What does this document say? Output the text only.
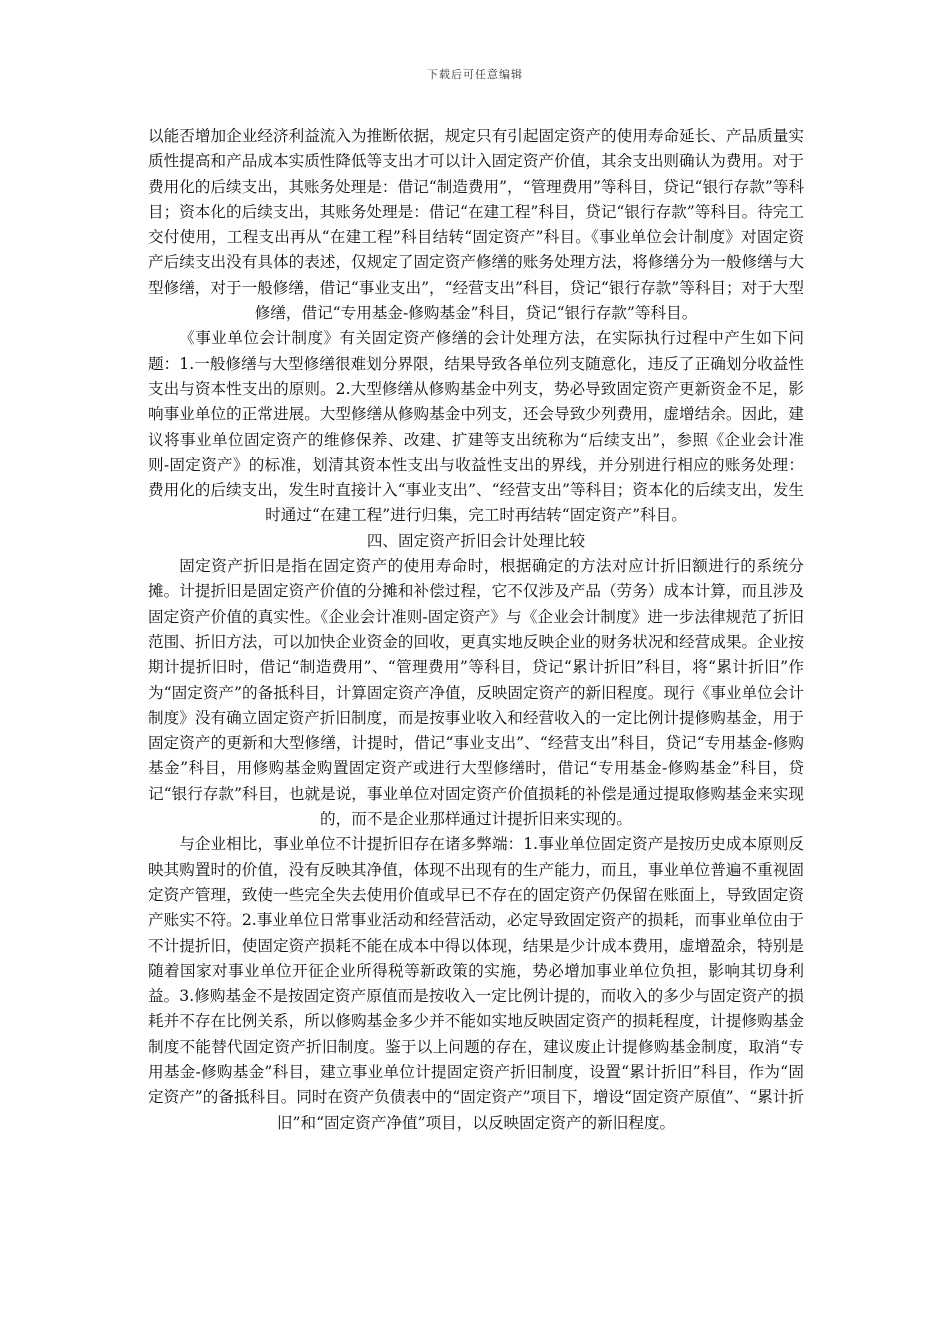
下载后可任意编辑

以能否增加企业经济利益流入为推断依据，规定只有引起固定资产的使用寿命延长、产品质量实质性提高和产品成本实质性降低等支出才可以计入固定资产价值，其余支出则确认为费用。对于费用化的后续支出，其账务处理是：借记“制造费用”，“管理费用”等科目，贷记“银行存款”等科目；资本化的后续支出，其账务处理是：借记“在建工程”科目，贷记“银行存款”等科目。待完工交付使用，工程支出再从“在建工程”科目结转“固定资产”科目。《事业单位会计制度》对固定资产后续支出没有具体的表述，仅规定了固定资产修缮的账务处理方法，将修缮分为一般修缮与大型修缮，对于一般修缮，借记“事业支出”，“经营支出”科目，贷记“银行存款”等科目；对于大型修缮，借记“专用基金-修购基金”科目，贷记“银行存款”等科目。

《事业单位会计制度》有关固定资产修缮的会计处理方法，在实际执行过程中产生如下问题：1.一般修缮与大型修缮很难划分界限，结果导致各单位列支随意化，违反了正确划分收益性支出与资本性支出的原则。2.大型修缮从修购基金中列支，势必导致固定资产更新资金不足，影响事业单位的正常进展。大型修缮从修购基金中列支，还会导致少列费用，虚增结余。因此，建议将事业单位固定资产的维修保养、改建、扩建等支出统称为“后续支出”，参照《企业会计准则-固定资产》的标准，划清其资本性支出与收益性支出的界线，并分别进行相应的账务处理：费用化的后续支出，发生时直接计入“事业支出”、“经营支出”等科目；资本化的后续支出，发生时通过“在建工程”进行归集，完工时再结转“固定资产”科目。

四、固定资产折旧会计处理比较

固定资产折旧是指在固定资产的使用寿命时，根据确定的方法对应计折旧额进行的系统分摊。计提折旧是固定资产价值的分摊和补偿过程，它不仅涉及产品（劳务）成本计算，而且涉及固定资产价值的真实性。《企业会计准则-固定资产》与《企业会计制度》进一步法律规范了折旧范围、折旧方法，可以加快企业资金的回收，更真实地反映企业的财务状况和经营成果。企业按期计提折旧时，借记“制造费用”、“管理费用”等科目，贷记“累计折旧”科目，将“累计折旧”作为“固定资产”的备抵科目，计算固定资产净值，反映固定资产的新旧程度。现行《事业单位会计制度》没有确立固定资产折旧制度，而是按事业收入和经营收入的一定比例计提修购基金，用于固定资产的更新和大型修缮，计提时，借记“事业支出”、“经营支出”科目，贷记“专用基金-修购基金”科目，用修购基金购置固定资产或进行大型修缮时，借记“专用基金-修购基金”科目，贷记“银行存款”科目，也就是说，事业单位对固定资产价值损耗的补偿是通过提取修购基金来实现的，而不是企业那样通过计提折旧来实现的。

与企业相比，事业单位不计提折旧存在诸多弊端：1.事业单位固定资产是按历史成本原则反映其购置时的价值，没有反映其净值，体现不出现有的生产能力，而且，事业单位普遍不重视固定资产管理，致使一些完全失去使用价值或早已不存在的固定资产仍保留在账面上，导致固定资产账实不符。2.事业单位日常事业活动和经营活动，必定导致固定资产的损耗，而事业单位由于不计提折旧，使固定资产损耗不能在成本中得以体现，结果是少计成本费用，虚增盈余，特别是随着国家对事业单位开征企业所得税等新政策的实施，势必增加事业单位负担，影响其切身利益。3.修购基金不是按固定资产原值而是按收入一定比例计提的，而收入的多少与固定资产的损耗并不存在比例关系，所以修购基金多少并不能如实地反映固定资产的损耗程度，计提修购基金制度不能替代固定资产折旧制度。鉴于以上问题的存在，建议废止计提修购基金制度，取消“专用基金-修购基金”科目，建立事业单位计提固定资产折旧制度，设置“累计折旧”科目，作为“固定资产”的备抵科目。同时在资产负债表中的“固定资产”项目下，增设“固定资产原值”、“累计折旧”和“固定资产净值”项目，以反映固定资产的新旧程度。
